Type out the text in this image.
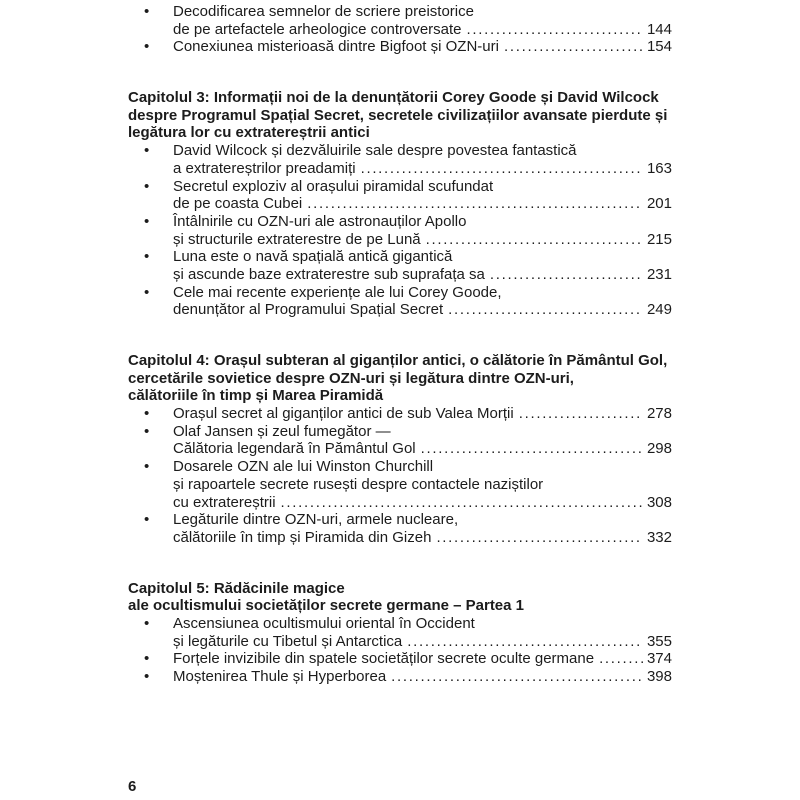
•
Decodificarea semnelor de scriere preistorice
de pe artefactele arheologice controversate .....	144
•
Conexiunea misterioasă dintre Bigfoot și OZN-uri .....	154
Capitolul 3: Informații noi de la denunțătorii Corey Goode și David Wilcock
despre Programul Spațial Secret, secretele civilizațiilor avansate pierdute și
legătura lor cu extratereștrii antici
•
David Wilcock și dezvăluirile sale despre povestea fantastică
a extratereștrilor preadamiți .....	163
•
Secretul exploziv al orașului piramidal scufundat
de pe coasta Cubei .....	201
•
Întâlnirile cu OZN-uri ale astronauților Apollo
și structurile extraterestre de pe Lună .....	215
•
Luna este o navă spațială antică gigantică
și ascunde baze extraterestre sub suprafața sa .....	231
•
Cele mai recente experiențe ale lui Corey Goode,
denunțător al Programului Spațial Secret .....	249
Capitolul 4: Orașul subteran al giganților antici, o călătorie în Pământul Gol,
cercetările sovietice despre OZN-uri și legătura dintre OZN-uri,
călătoriile în timp și Marea Piramidă
•
Orașul secret al giganților antici de sub Valea Morții .....	278
•
Olaf Jansen și zeul fumegător —
Călătoria legendară în Pământul Gol .....	298
•
Dosarele OZN ale lui Winston Churchill
și rapoartele secrete rusești despre contactele naziștilor
cu extratereștrii .....	308
•
Legăturile dintre OZN-uri, armele nucleare,
călătoriile în timp și Piramida din Gizeh .....	332
Capitolul 5: Rădăcinile magice
ale ocultismului societăților secrete germane – Partea 1
•
Ascensiunea ocultismului oriental în Occident
și legăturile cu Tibetul și Antarctica .....	355
•
Forțele invizibile din spatele societăților secrete oculte germane .....	374
•
Moștenirea Thule și Hyperborea .....	398
6
